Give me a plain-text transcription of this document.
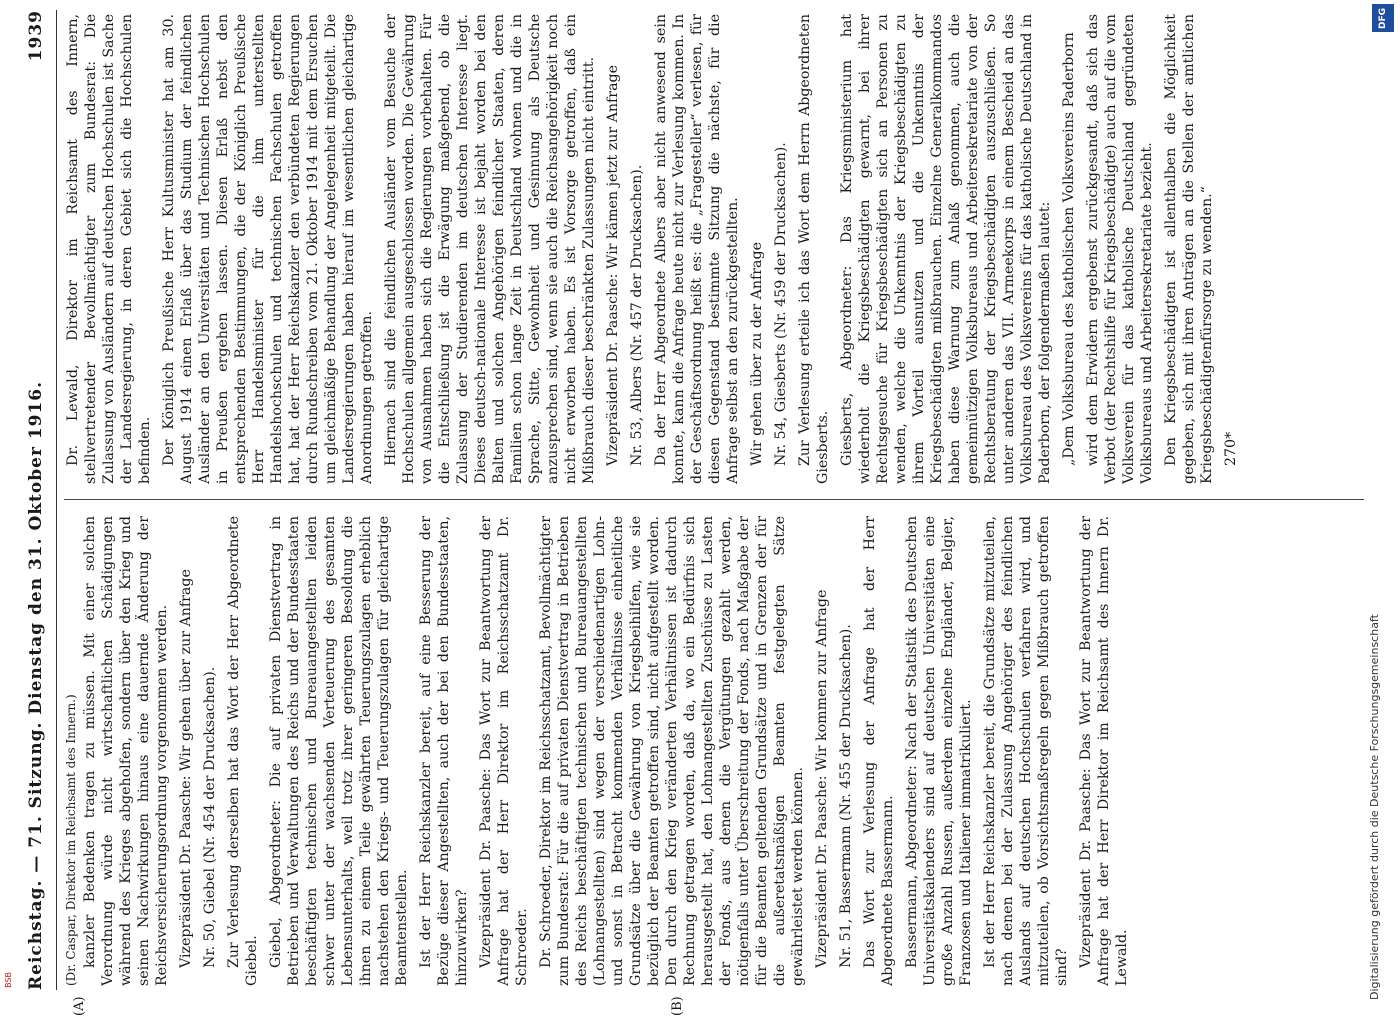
Reichstag. — 71. Sitzung. Dienstag den 31. Oktober 1916.
1939
(A)	(B)

(Dr. Caspar, Direktor im Reichsamt des Innern.) kanzler Bedenken tragen zu müssen. Mit einer solchen Verordnung würde nicht wirtschaftlichen Schädigungen während des Krieges abgeholfen, sondern über den Krieg und seinen Nachwirkungen hinaus eine dauernde Änderung der Reichsversicherungsordnung vorgenommen werden. Vizepräsident Dr. Paasche: Wir gehen über zur Anfrage Nr. 50, Giebel (Nr. 454 der Drucksachen). Zur Verlesung derselben hat das Wort der Herr Abgeordnete Giebel. Giebel, Abgeordneter: Die auf privaten Dienstvertrag in Betrieben und Verwaltungen des Reichs und der Bundesstaaten beschäftigten technischen und Bureauangestellten leiden schwer unter der wachsenden Verteuerung des gesamten Lebensunterhalts, weil trotz ihrer geringeren Besoldung die ihnen zu einem Teile gewährten Teuerungszulagen erheblich nachstehen den Kriegs- und Teuerungszulagen für gleichartige Beamtenstellen. Ist der Herr Reichskanzler bereit, auf eine Besserung der Bezüge dieser Angestellten, auch der bei den Bundesstaaten, hinzuwirken? Vizepräsident Dr. Paasche: Das Wort zur Beantwortung der Anfrage hat der Herr Direktor im Reichsschatzamt Dr. Schroeder. Dr. Schroeder, Direktor im Reichsschatzamt, Bevollmächtigter zum Bundesrat: Für die auf privaten Dienstvertrag in Betrieben des Reichs beschäftigten technischen und Bureauangestellten (Lohnangestellten) sind wegen der verschiedenartigen Lohn- und sonst in Betracht kommenden Verhältnisse einheitliche Grundsätze über die Gewährung von Kriegsbeihilfen, wie sie bezüglich der Beamten getroffen sind, nicht aufgestellt worden. Den durch den Krieg veränderten Verhältnissen ist dadurch Rechnung getragen worden, daß da, wo ein Bedürfnis sich herausgestellt hat, den Lohnangestellten Zuschüsse zu Lasten der Fonds, aus denen die Vergütungen gezahlt werden, nötigenfalls unter Überschreitung der Fonds, nach Maßgabe der für die Beamten geltenden Grundsätze und in Grenzen der für die außeretatsmäßigen Beamten festgelegten Sätze gewährleistet werden können. Vizepräsident Dr. Paasche: Wir kommen zur Anfrage Nr. 51, Bassermann (Nr. 455 der Drucksachen). Das Wort zur Verlesung der Anfrage hat der Herr Abgeordnete Bassermann. Bassermann, Abgeordneter: Nach der Statistik des Deutschen Universitätskalenders sind auf deutschen Universitäten eine große Anzahl Russen, außerdem einzelne Engländer, Belgier, Franzosen und Italiener immatrikuliert. Ist der Herr Reichskanzler bereit, die Grundsätze mitzuteilen, nach denen bei der Zulassung Angehöriger des feindlichen Auslands auf deutschen Hochschulen verfahren wird, und mitzuteilen, ob Vorsichtsmaßregeln gegen Mißbrauch getroffen sind? Vizepräsident Dr. Paasche: Das Wort zur Beantwortung der Anfrage hat der Herr Direktor im Reichsamt des Innern Dr. Lewald.

Dr. Lewald, Direktor im Reichsamt des Innern, stellvertretender Bevollmächtigter zum Bundesrat: Die Zulassung von Ausländern auf deutschen Hochschulen ist Sache der Landesregierung, in deren Gebiet sich die Hochschulen befinden. Der Königlich Preußische Herr Kultusminister hat am 30. August 1914 einen Erlaß über das Studium der feindlichen Ausländer an den Universitäten und Technischen Hochschulen in Preußen ergehen lassen. Diesen Erlaß nebst den entsprechenden Bestimmungen, die der Königlich Preußische Herr Handelsminister für die ihm unterstellten Handelshochschulen und technischen Fachschulen getroffen hat, hat der Herr Reichskanzler den verbündeten Regierungen durch Rundschreiben vom 21. Oktober 1914 mit dem Ersuchen um gleichmäßige Behandlung der Angelegenheit mitgeteilt. Die Landesregierungen haben hierauf im wesentlichen gleichartige Anordnungen getroffen. Hiernach sind die feindlichen Ausländer vom Besuche der Hochschulen allgemein ausgeschlossen worden. Die Gewährung von Ausnahmen haben sich die Regierungen vorbehalten. Für die Entschließung ist die Erwägung maßgebend, ob die Zulassung der Studierenden im deutschen Interesse liegt. Dieses deutsch-nationale Interesse ist bejaht worden bei den Balten und solchen Angehörigen feindlicher Staaten, deren Familien schon lange Zeit in Deutschland wohnen und die in Sprache, Sitte, Gewohnheit und Gesinnung als Deutsche anzusprechen sind, wenn sie auch die Reichsangehörigkeit noch nicht erworben haben. Es ist Vorsorge getroffen, daß ein Mißbrauch dieser beschränkten Zulassungen nicht eintritt. Vizepräsident Dr. Paasche: Wir kämen jetzt zur Anfrage Nr. 53, Albers (Nr. 457 der Drucksachen). Da der Herr Abgeordnete Albers aber nicht anwesend sein konnte, kann die Anfrage heute nicht zur Verlesung kommen. In der Geschäftsordnung heißt es: die „Fragesteller“ verlesen, für diesen Gegenstand bestimmte Sitzung die nächste, für die Anfrage selbst an den zurückgestellten. Wir gehen über zu der Anfrage Nr. 54, Giesberts (Nr. 459 der Drucksachen). Zur Verlesung erteile ich das Wort dem Herrn Abgeordneten Giesberts. Giesberts, Abgeordneter: Das Kriegsministerium hat wiederholt die Kriegsbeschädigten gewarnt, bei ihrer Rechtsgesuche für Kriegsbeschädigten sich an Personen zu wenden, welche die Unkenntnis der Kriegsbeschädigten zu ihrem Vorteil ausnutzen und die Unkenntnis der Kriegsbeschädigten mißbrauchen. Einzelne Generalkommandos haben diese Warnung zum Anlaß genommen, auch die gemeinnützigen Volksbureaus und Arbeitersekretariate von der Rechtsberatung der Kriegsbeschädigten auszuschließen. So unter anderen das VII. Armeekorps in einem Bescheid an das Volksbureau des Volksvereins für das katholische Deutschland in Paderborn, der folgendermaßen lautet: „Dem Volksbureau des katholischen Volksvereins Paderborn wird dem Erwidern ergebenst zurückgesandt, daß sich das Verbot (der Rechtshilfe für Kriegsbeschädigte) auch auf die vom Volksverein für das katholische Deutschland gegründeten Volksbureaus und Arbeitersekretariate bezieht. Den Kriegsbeschädigten ist allenthalben die Möglichkeit gegeben, sich mit ihren Anträgen an die Stellen der amtlichen Kriegsbeschädigtenfürsorge zu wenden.“ 270*

Digitalisierung gefördert durch die Deutsche Forschungsgemeinschaft
DFG
BSB
